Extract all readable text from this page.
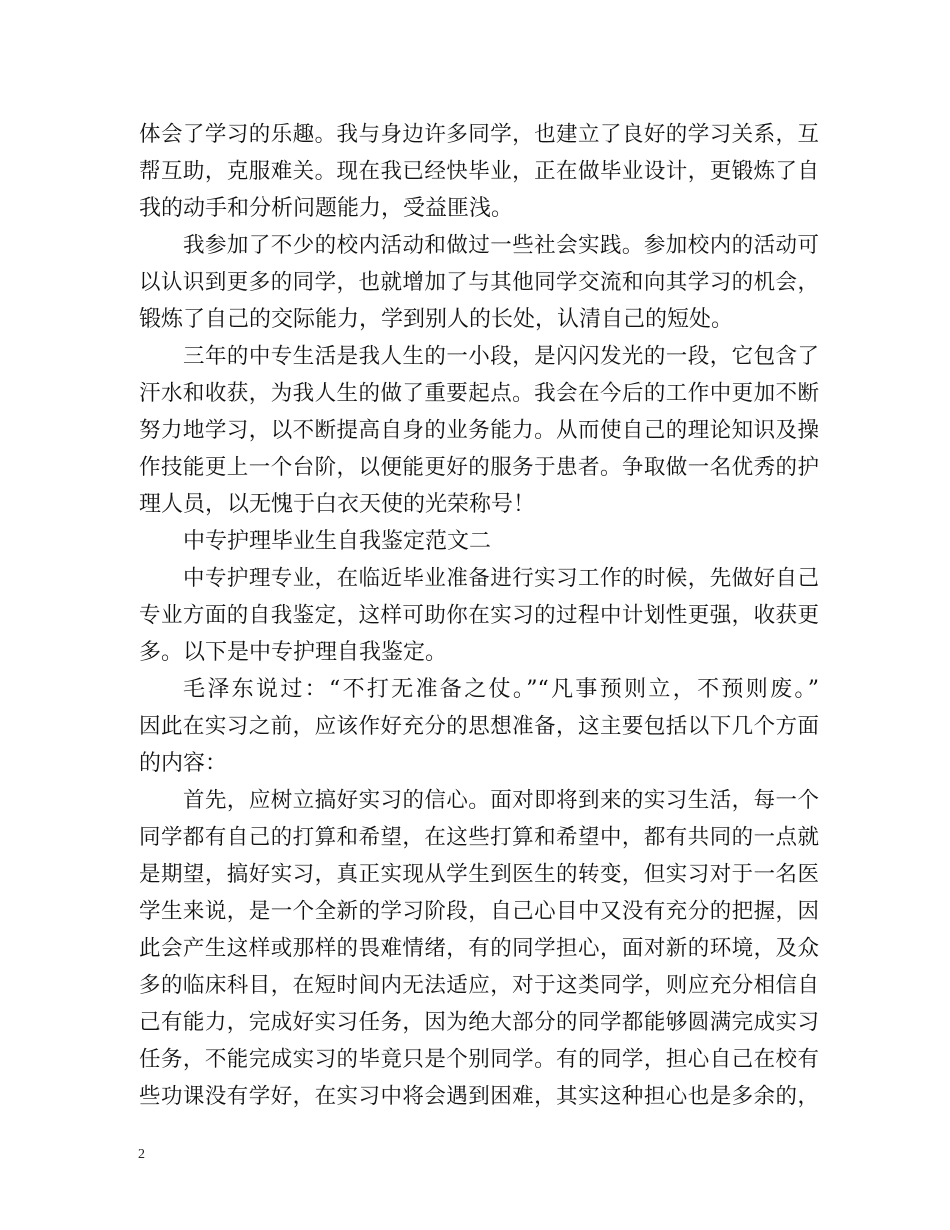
体会了学习的乐趣。我与身边许多同学，也建立了良好的学习关系，互
帮互助，克服难关。现在我已经快毕业，正在做毕业设计，更锻炼了自
我的动手和分析问题能力，受益匪浅。
我参加了不少的校内活动和做过一些社会实践。参加校内的活动可
以认识到更多的同学，也就增加了与其他同学交流和向其学习的机会，
锻炼了自己的交际能力，学到别人的长处，认清自己的短处。
三年的中专生活是我人生的一小段，是闪闪发光的一段，它包含了
汗水和收获，为我人生的做了重要起点。我会在今后的工作中更加不断
努力地学习，以不断提高自身的业务能力。从而使自己的理论知识及操
作技能更上一个台阶，以便能更好的服务于患者。争取做一名优秀的护
理人员，以无愧于白衣天使的光荣称号！
中专护理毕业生自我鉴定范文二
中专护理专业，在临近毕业准备进行实习工作的时候，先做好自己
专业方面的自我鉴定，这样可助你在实习的过程中计划性更强，收获更
多。以下是中专护理自我鉴定。
毛泽东说过：“不打无准备之仗。”“凡事预则立，不预则废。”
因此在实习之前，应该作好充分的思想准备，这主要包括以下几个方面
的内容：
首先，应树立搞好实习的信心。面对即将到来的实习生活，每一个
同学都有自己的打算和希望，在这些打算和希望中，都有共同的一点就
是期望，搞好实习，真正实现从学生到医生的转变，但实习对于一名医
学生来说，是一个全新的学习阶段，自己心目中又没有充分的把握，因
此会产生这样或那样的畏难情绪，有的同学担心，面对新的环境，及众
多的临床科目，在短时间内无法适应，对于这类同学，则应充分相信自
己有能力，完成好实习任务，因为绝大部分的同学都能够圆满完成实习
任务，不能完成实习的毕竟只是个别同学。有的同学，担心自己在校有
些功课没有学好，在实习中将会遇到困难，其实这种担心也是多余的，
2
